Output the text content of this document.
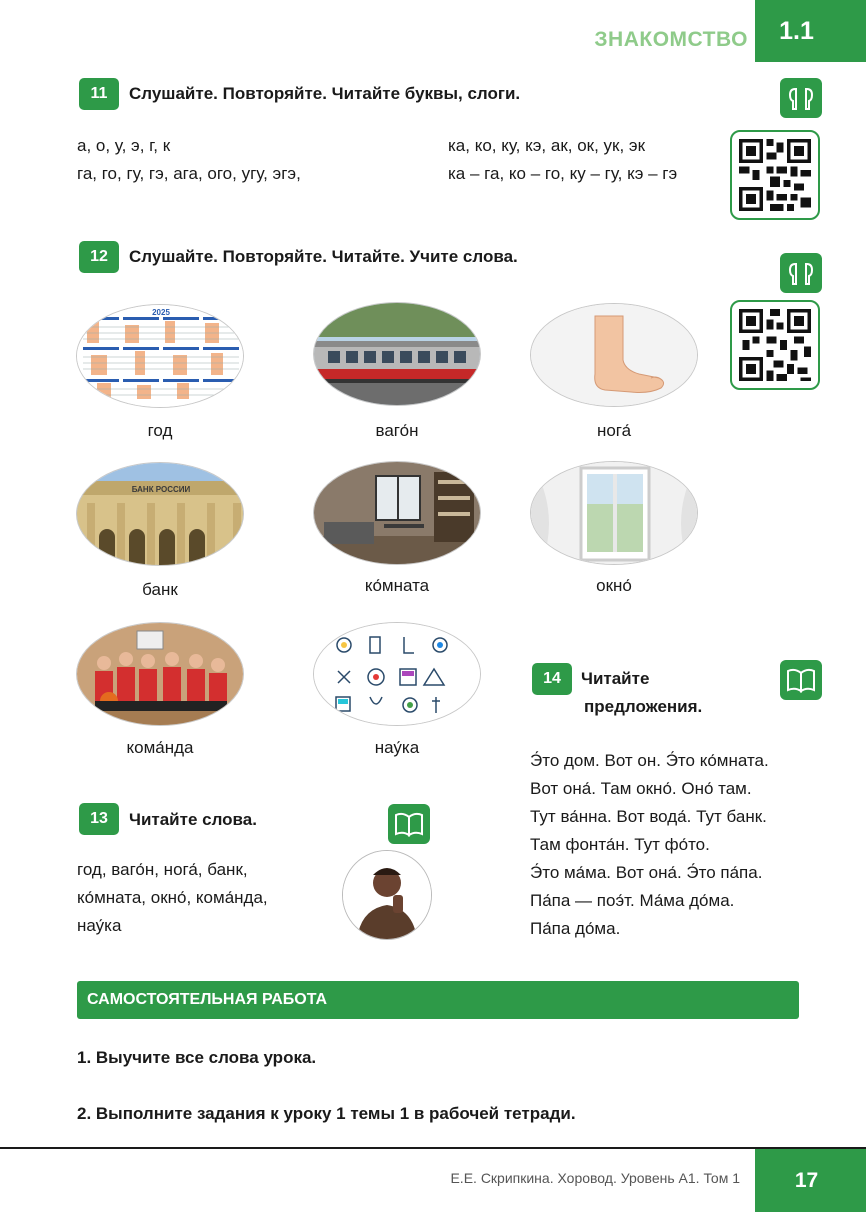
ЗНАКОМСТВО 1.1
11	Слушайте. Повторяйте. Читайте буквы, слоги.
а, о, у, э, г, к
га, го, гу, гэ, ага, ого, угу, эгэ,
ка, ко, ку, кэ, ак, ок, ук, эк
ка – га, ко – го, ку – гу, кэ – гэ
12	Слушайте. Повторяйте. Читайте. Учите слова.
2025
год	ваго́н	нога́
БАНК РОССИИ
банк	ко́мната	окно́
кома́нда	нау́ка
14	Читайте
предложения.
Э́то дом. Вот он. Э́то ко́мната.
Вот она́. Там окно́. Оно́ там.
Тут ва́нна. Вот вода́. Тут банк.
Там фонта́н. Тут фо́то.
Э́то ма́ма. Вот она́. Э́то па́па.
Па́па — поэ́т. Ма́ма до́ма.
Па́па до́ма.
13	Читайте слова.
год, ваго́н, нога́, банк,
ко́мната, окно́, кома́нда,
нау́ка
САМОСТОЯТЕЛЬНАЯ РАБОТА
1. Выучите все слова урока.
2. Выполните задания к уроку 1 темы 1 в рабочей тетради.
Е.Е. Скрипкина. Хоровод. Уровень А1. Том 1	17
